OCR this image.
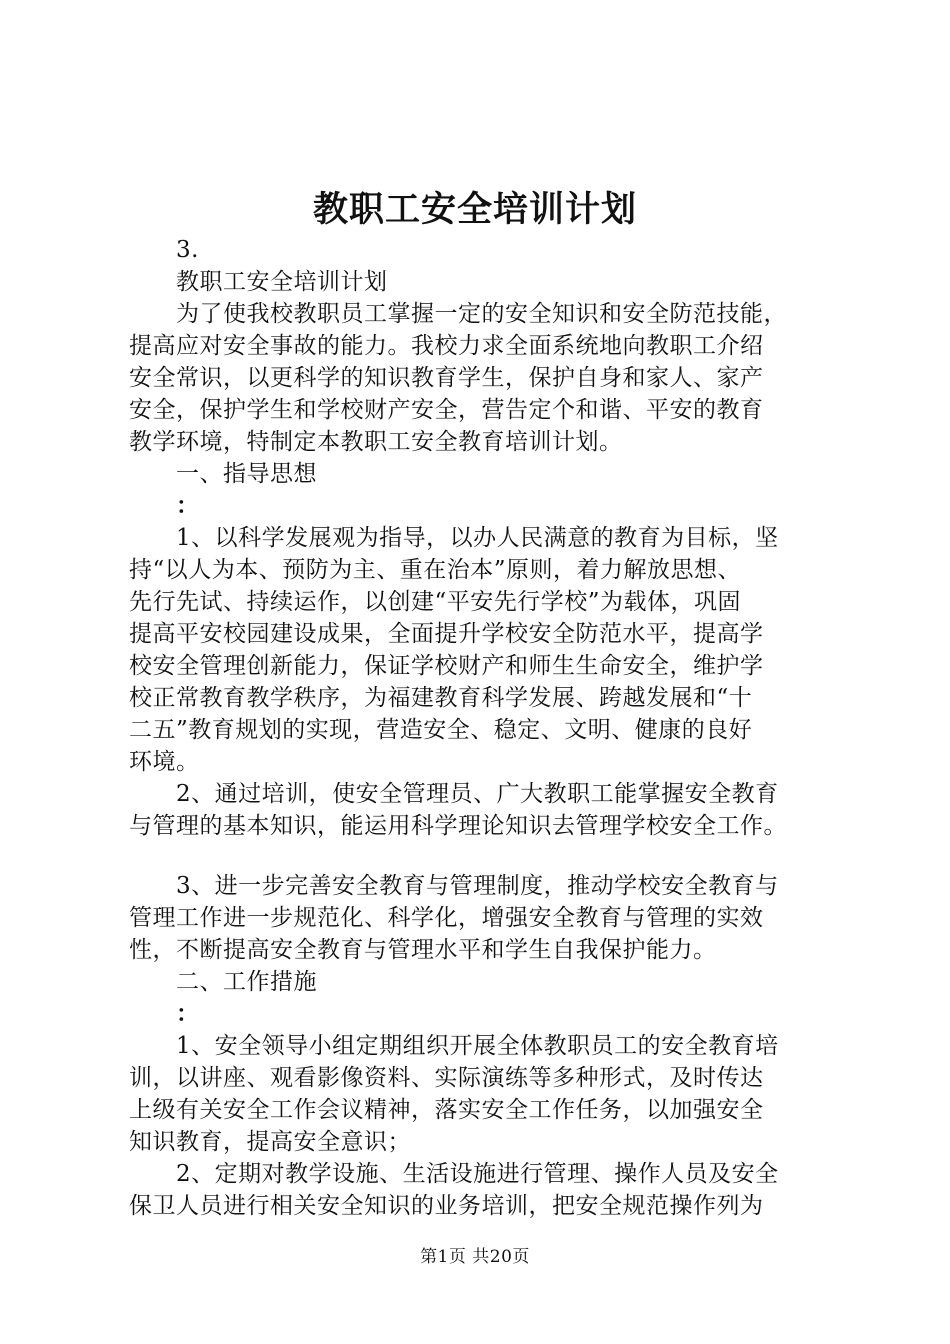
教职工安全培训计划
3.
教职工安全培训计划
为了使我校教职员工掌握一定的安全知识和安全防范技能，
提高应对安全事故的能力。我校力求全面系统地向教职工介绍
安全常识，以更科学的知识教育学生，保护自身和家人、家产
安全，保护学生和学校财产安全，营告定个和谐、平安的教育
教学环境，特制定本教职工安全教育培训计划。
一、指导思想
：
1、以科学发展观为指导，以办人民满意的教育为目标，坚
持“以人为本、预防为主、重在治本”原则，着力解放思想、
先行先试、持续运作，以创建“平安先行学校”为载体，巩固
提高平安校园建设成果，全面提升学校安全防范水平，提高学
校安全管理创新能力，保证学校财产和师生生命安全，维护学
校正常教育教学秩序，为福建教育科学发展、跨越发展和“十
二五”教育规划的实现，营造安全、稳定、文明、健康的良好
环境。
2、通过培训，使安全管理员、广大教职工能掌握安全教育
与管理的基本知识，能运用科学理论知识去管理学校安全工作。
3、进一步完善安全教育与管理制度，推动学校安全教育与
管理工作进一步规范化、科学化，增强安全教育与管理的实效
性，不断提高安全教育与管理水平和学生自我保护能力。
二、工作措施
：
1、安全领导小组定期组织开展全体教职员工的安全教育培
训，以讲座、观看影像资料、实际演练等多种形式，及时传达
上级有关安全工作会议精神，落实安全工作任务，以加强安全
知识教育，提高安全意识；
2、定期对教学设施、生活设施进行管理、操作人员及安全
保卫人员进行相关安全知识的业务培训，把安全规范操作列为
第1页 共20页
